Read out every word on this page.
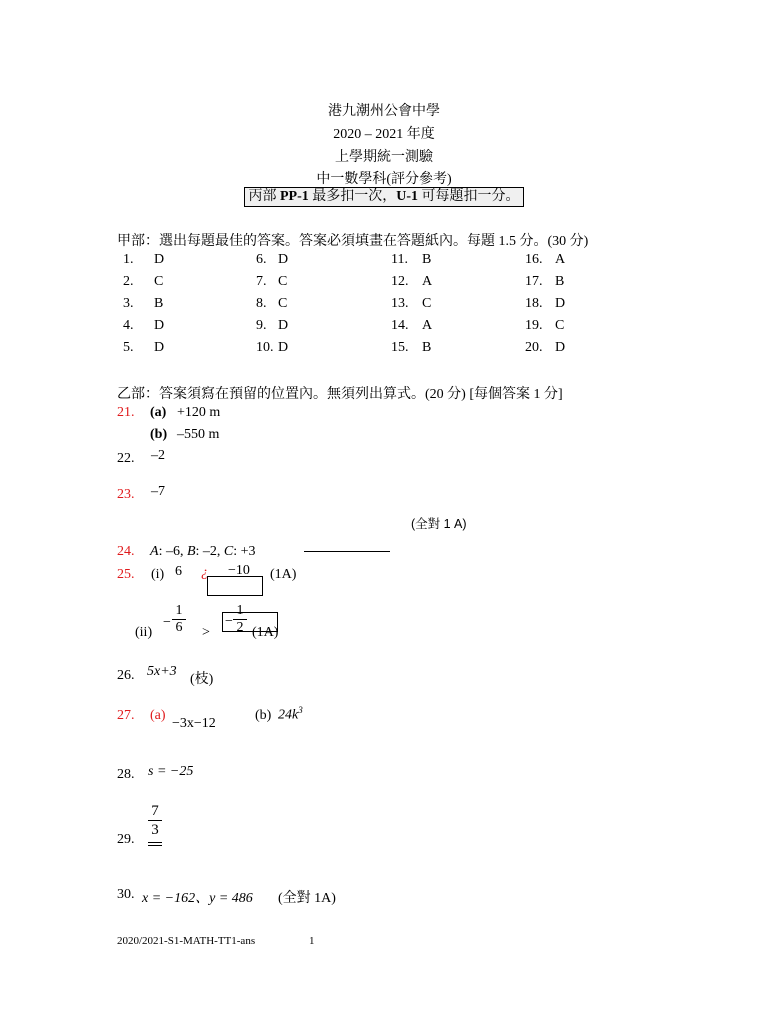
港九潮州公會中學
2020 – 2021 年度
上學期統一測驗
中一數學科(評分參考)
丙部 PP-1 最多扣一次，U-1 可每題扣一分。
甲部：選出每題最佳的答案。答案必須填畫在答題紙內。每題 1.5 分。(30 分)
1. D
2. C
3. B
4. D
5. D
6. D
7. C
8. C
9. D
10. D
11. B
12. A
13. C
14. A
15. B
16. A
17. B
18. D
19. C
20. D
乙部：答案須寫在預留的位置內。無須列出算式。(20 分) [每個答案 1 分]
21. (a) +120 m
(b) –550 m
22. –2
23. –7
(全對 1 A)
24. A: –6, B: –2, C: +3
25. (i) 6 ¿ −10 (1A)
(ii)
−
1
6 >
−
1
2 (1A)
26. 5x+3
(枝)
27. (a)
−3x−12
(b) $24k^3$
28. s = −25
29.
7
3
30. x = −162、y = 486 (全對 1A)
2020/2021-S1-MATH-TT1-ans	1
